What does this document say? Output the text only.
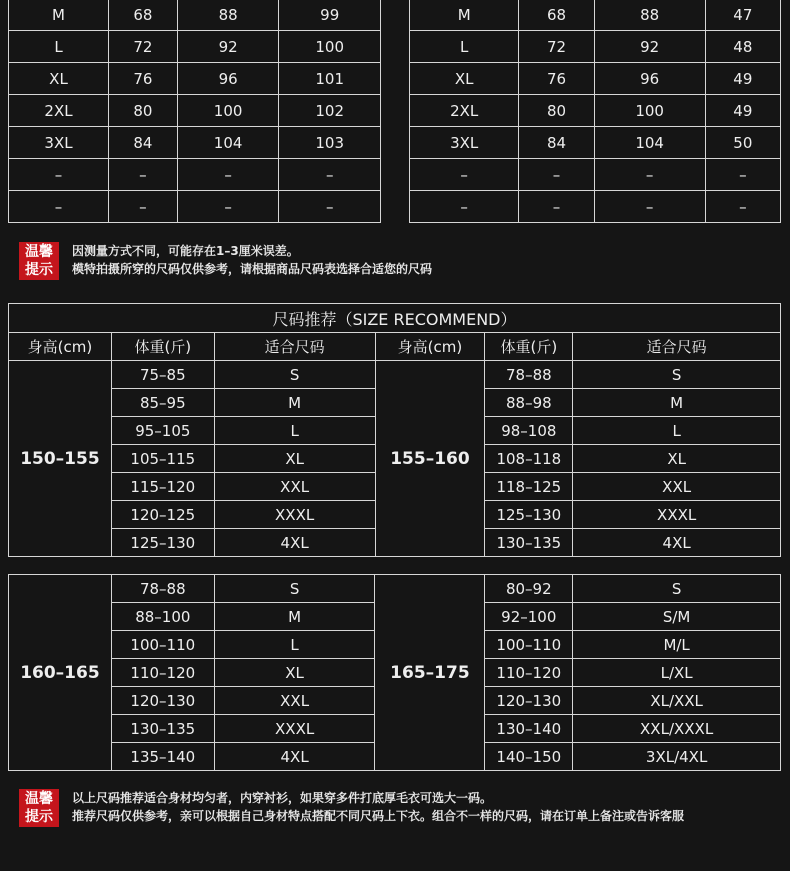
M	68	88	99
L	72	92	100
XL	76	96	101
2XL	80	100	102
3XL	84	104	103
–	–	–	–
–	–	–	–
M	68	88	47
L	72	92	48
XL	76	96	49
2XL	80	100	49
3XL	84	104	50
–	–	–	–
–	–	–	–
温馨
提示
因测量方式不同，可能存在1–3厘米误差。
模特拍摄所穿的尺码仅供参考，请根据商品尺码表选择合适您的尺码
尺码推荐（SIZE RECOMMEND）					
身高(cm)	体重(斤)	适合尺码	身高(cm)	体重(斤)	适合尺码
150–155	75–85	S	155–160	78–88	S
	85–95	M		88–98	M
	95–105	L		98–108	L
	105–115	XL		108–118	XL
	115–120	XXL		118–125	XXL
	120–125	XXXL		125–130	XXXL
	125–130	4XL		130–135	4XL
160–165	78–88	S	165–175	80–92	S
	88–100	M		92–100	S/M
	100–110	L		100–110	M/L
	110–120	XL		110–120	L/XL
	120–130	XXL		120–130	XL/XXL
	130–135	XXXL		130–140	XXL/XXXL
	135–140	4XL		140–150	3XL/4XL
温馨
提示
以上尺码推荐适合身材均匀者，内穿衬衫，如果穿多件打底厚毛衣可选大一码。
推荐尺码仅供参考，亲可以根据自己身材特点搭配不同尺码上下衣。组合不一样的尺码，请在订单上备注或告诉客服
